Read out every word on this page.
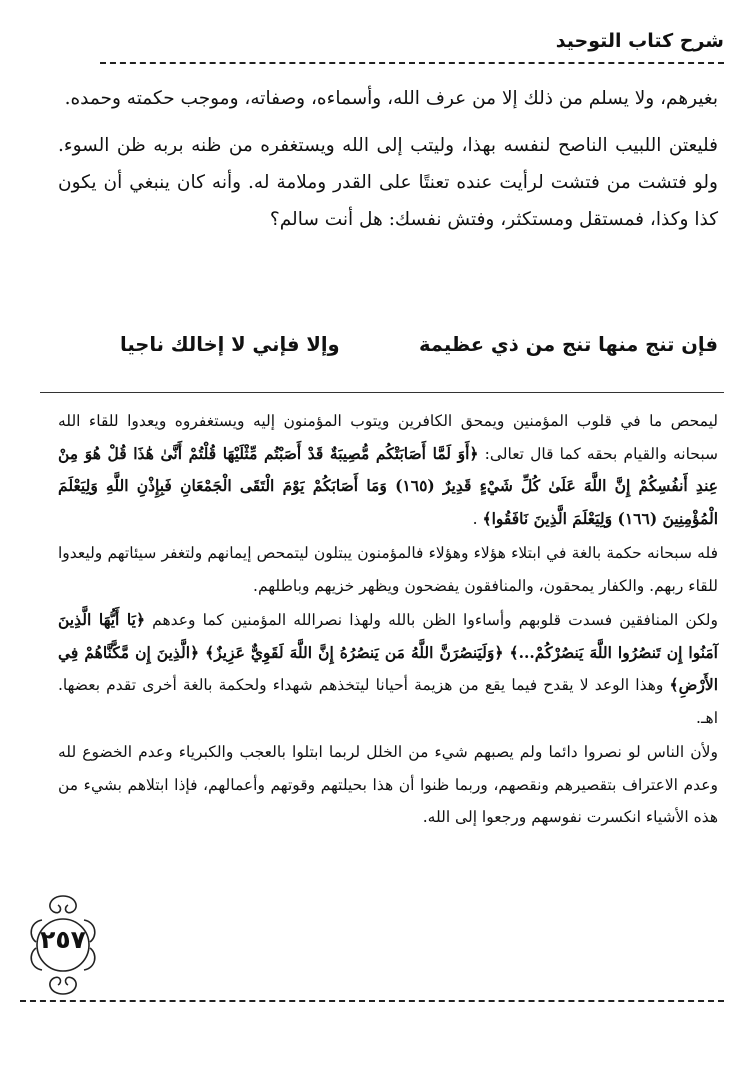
شرح كتاب التوحيد

بغيرهم، ولا يسلم من ذلك إلا من عرف الله، وأسماءه، وصفاته، وموجب حكمته وحمده.

فليعتن اللبيب الناصح لنفسه بهذا، وليتب إلى الله ويستغفره من ظنه بربه ظن السوء. ولو فتشت من فتشت لرأيت عنده تعنتًا على القدر وملامة له. وأنه كان ينبغي أن يكون كذا وكذا، فمستقل ومستكثر، وفتش نفسك: هل أنت سالم؟

فإن تنج منها تنج من ذي عظيمة
وإلا فإني لا إخالك ناجيا

ليمحص ما في قلوب المؤمنين ويمحق الكافرين ويتوب المؤمنون إليه ويستغفروه ويعدوا للقاء الله سبحانه والقيام بحقه كما قال تعالى: ﴿أَوَ لَمَّا أَصَابَتْكُم مُّصِيبَةٌ قَدْ أَصَبْتُم مِّثْلَيْهَا قُلْتُمْ أَنَّىٰ هَٰذَا قُلْ هُوَ مِنْ عِندِ أَنفُسِكُمْ إِنَّ اللَّهَ عَلَىٰ كُلِّ شَيْءٍ قَدِيرٌ (١٦٥) وَمَا أَصَابَكُمْ يَوْمَ الْتَقَى الْجَمْعَانِ فَبِإِذْنِ اللَّهِ وَلِيَعْلَمَ الْمُؤْمِنِينَ (١٦٦) وَلِيَعْلَمَ الَّذِينَ نَافَقُوا﴾ .

فله سبحانه حكمة بالغة في ابتلاء هؤلاء وهؤلاء فالمؤمنون يبتلون ليتمحص إيمانهم ولتغفر سيئاتهم وليعدوا للقاء ربهم. والكفار يمحقون، والمنافقون يفضحون ويظهر خزيهم وباطلهم.

ولكن المنافقين فسدت قلوبهم وأساءوا الظن بالله ولهذا نصرالله المؤمنين كما وعدهم ﴿يَا أَيُّهَا الَّذِينَ آمَنُوا إِن تَنصُرُوا اللَّهَ يَنصُرْكُمْ...﴾ ﴿وَلَيَنصُرَنَّ اللَّهُ مَن يَنصُرُهُ إِنَّ اللَّهَ لَقَوِيٌّ عَزِيزٌ﴾ ﴿الَّذِينَ إِن مَّكَّنَّاهُمْ فِي الأَرْضِ﴾ وهذا الوعد لا يقدح فيما يقع من هزيمة أحيانا ليتخذهم شهداء ولحكمة بالغة أخرى تقدم بعضها. اهـ.

ولأن الناس لو نصروا دائما ولم يصبهم شيء من الخلل لربما ابتلوا بالعجب والكبرياء وعدم الخضوع لله وعدم الاعتراف بتقصيرهم ونقصهم، وربما ظنوا أن هذا بحيلتهم وقوتهم وأعمالهم، فإذا ابتلاهم بشيء من هذه الأشياء انكسرت نفوسهم ورجعوا إلى الله.

٢٥٧
